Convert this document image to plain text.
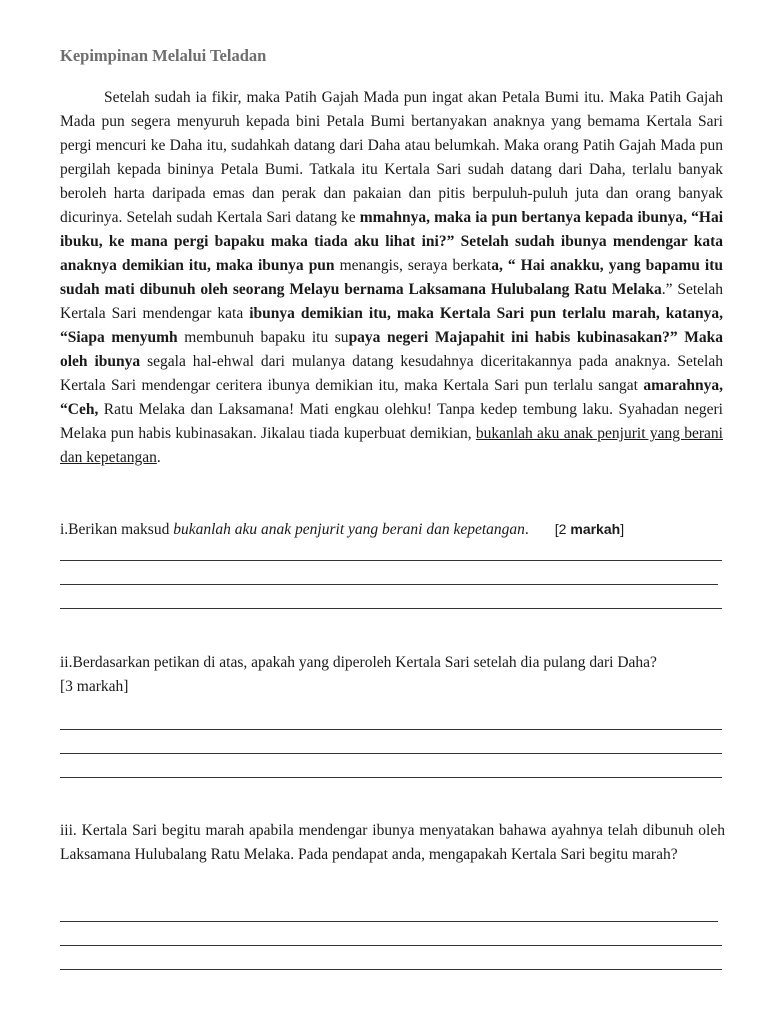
Kepimpinan Melalui Teladan

Setelah sudah ia fikir, maka Patih Gajah Mada pun ingat akan Petala Bumi itu. Maka Patih Gajah Mada pun segera menyuruh kepada bini Petala Bumi bertanyakan anaknya yang bemama Kertala Sari pergi mencuri ke Daha itu, sudahkah datang dari Daha atau belumkah. Maka orang Patih Gajah Mada pun pergilah kepada bininya Petala Bumi. Tatkala itu Kertala Sari sudah datang dari Daha, terlalu banyak beroleh harta daripada emas dan perak dan pakaian dan pitis berpuluh-puluh juta dan orang banyak dicurinya. Setelah sudah Kertala Sari datang ke mmahnya, maka ia pun bertanya kepada ibunya, “Hai ibuku, ke mana pergi bapaku maka tiada aku lihat ini?” Setelah sudah ibunya mendengar kata anaknya demikian itu, maka ibunya pun menangis, seraya berkata, “ Hai anakku, yang bapamu itu sudah mati dibunuh oleh seorang Melayu bernama Laksamana Hulubalang Ratu Melaka.” Setelah Kertala Sari mendengar kata ibunya demikian itu, maka Kertala Sari pun terlalu marah, katanya, “Siapa menyumh membunuh bapaku itu supaya negeri Majapahit ini habis kubinasakan?” Maka oleh ibunya segala hal-ehwal dari mulanya datang kesudahnya diceritakannya pada anaknya. Setelah Kertala Sari mendengar ceritera ibunya demikian itu, maka Kertala Sari pun terlalu sangat amarahnya, “Ceh, Ratu Melaka dan Laksamana! Mati engkau olehku! Tanpa kedep tembung laku. Syahadan negeri Melaka pun habis kubinasakan. Jikalau tiada kuperbuat demikian, bukanlah aku anak penjurit yang berani dan kepetangan.

i.Berikan maksud bukanlah aku anak penjurit yang berani dan kepetangan. [2 markah]

ii.Berdasarkan petikan di atas, apakah yang diperoleh Kertala Sari setelah dia pulang dari Daha?
[3 markah]

iii. Kertala Sari begitu marah apabila mendengar ibunya menyatakan bahawa ayahnya telah dibunuh oleh Laksamana Hulubalang Ratu Melaka. Pada pendapat anda, mengapakah Kertala Sari begitu marah?
